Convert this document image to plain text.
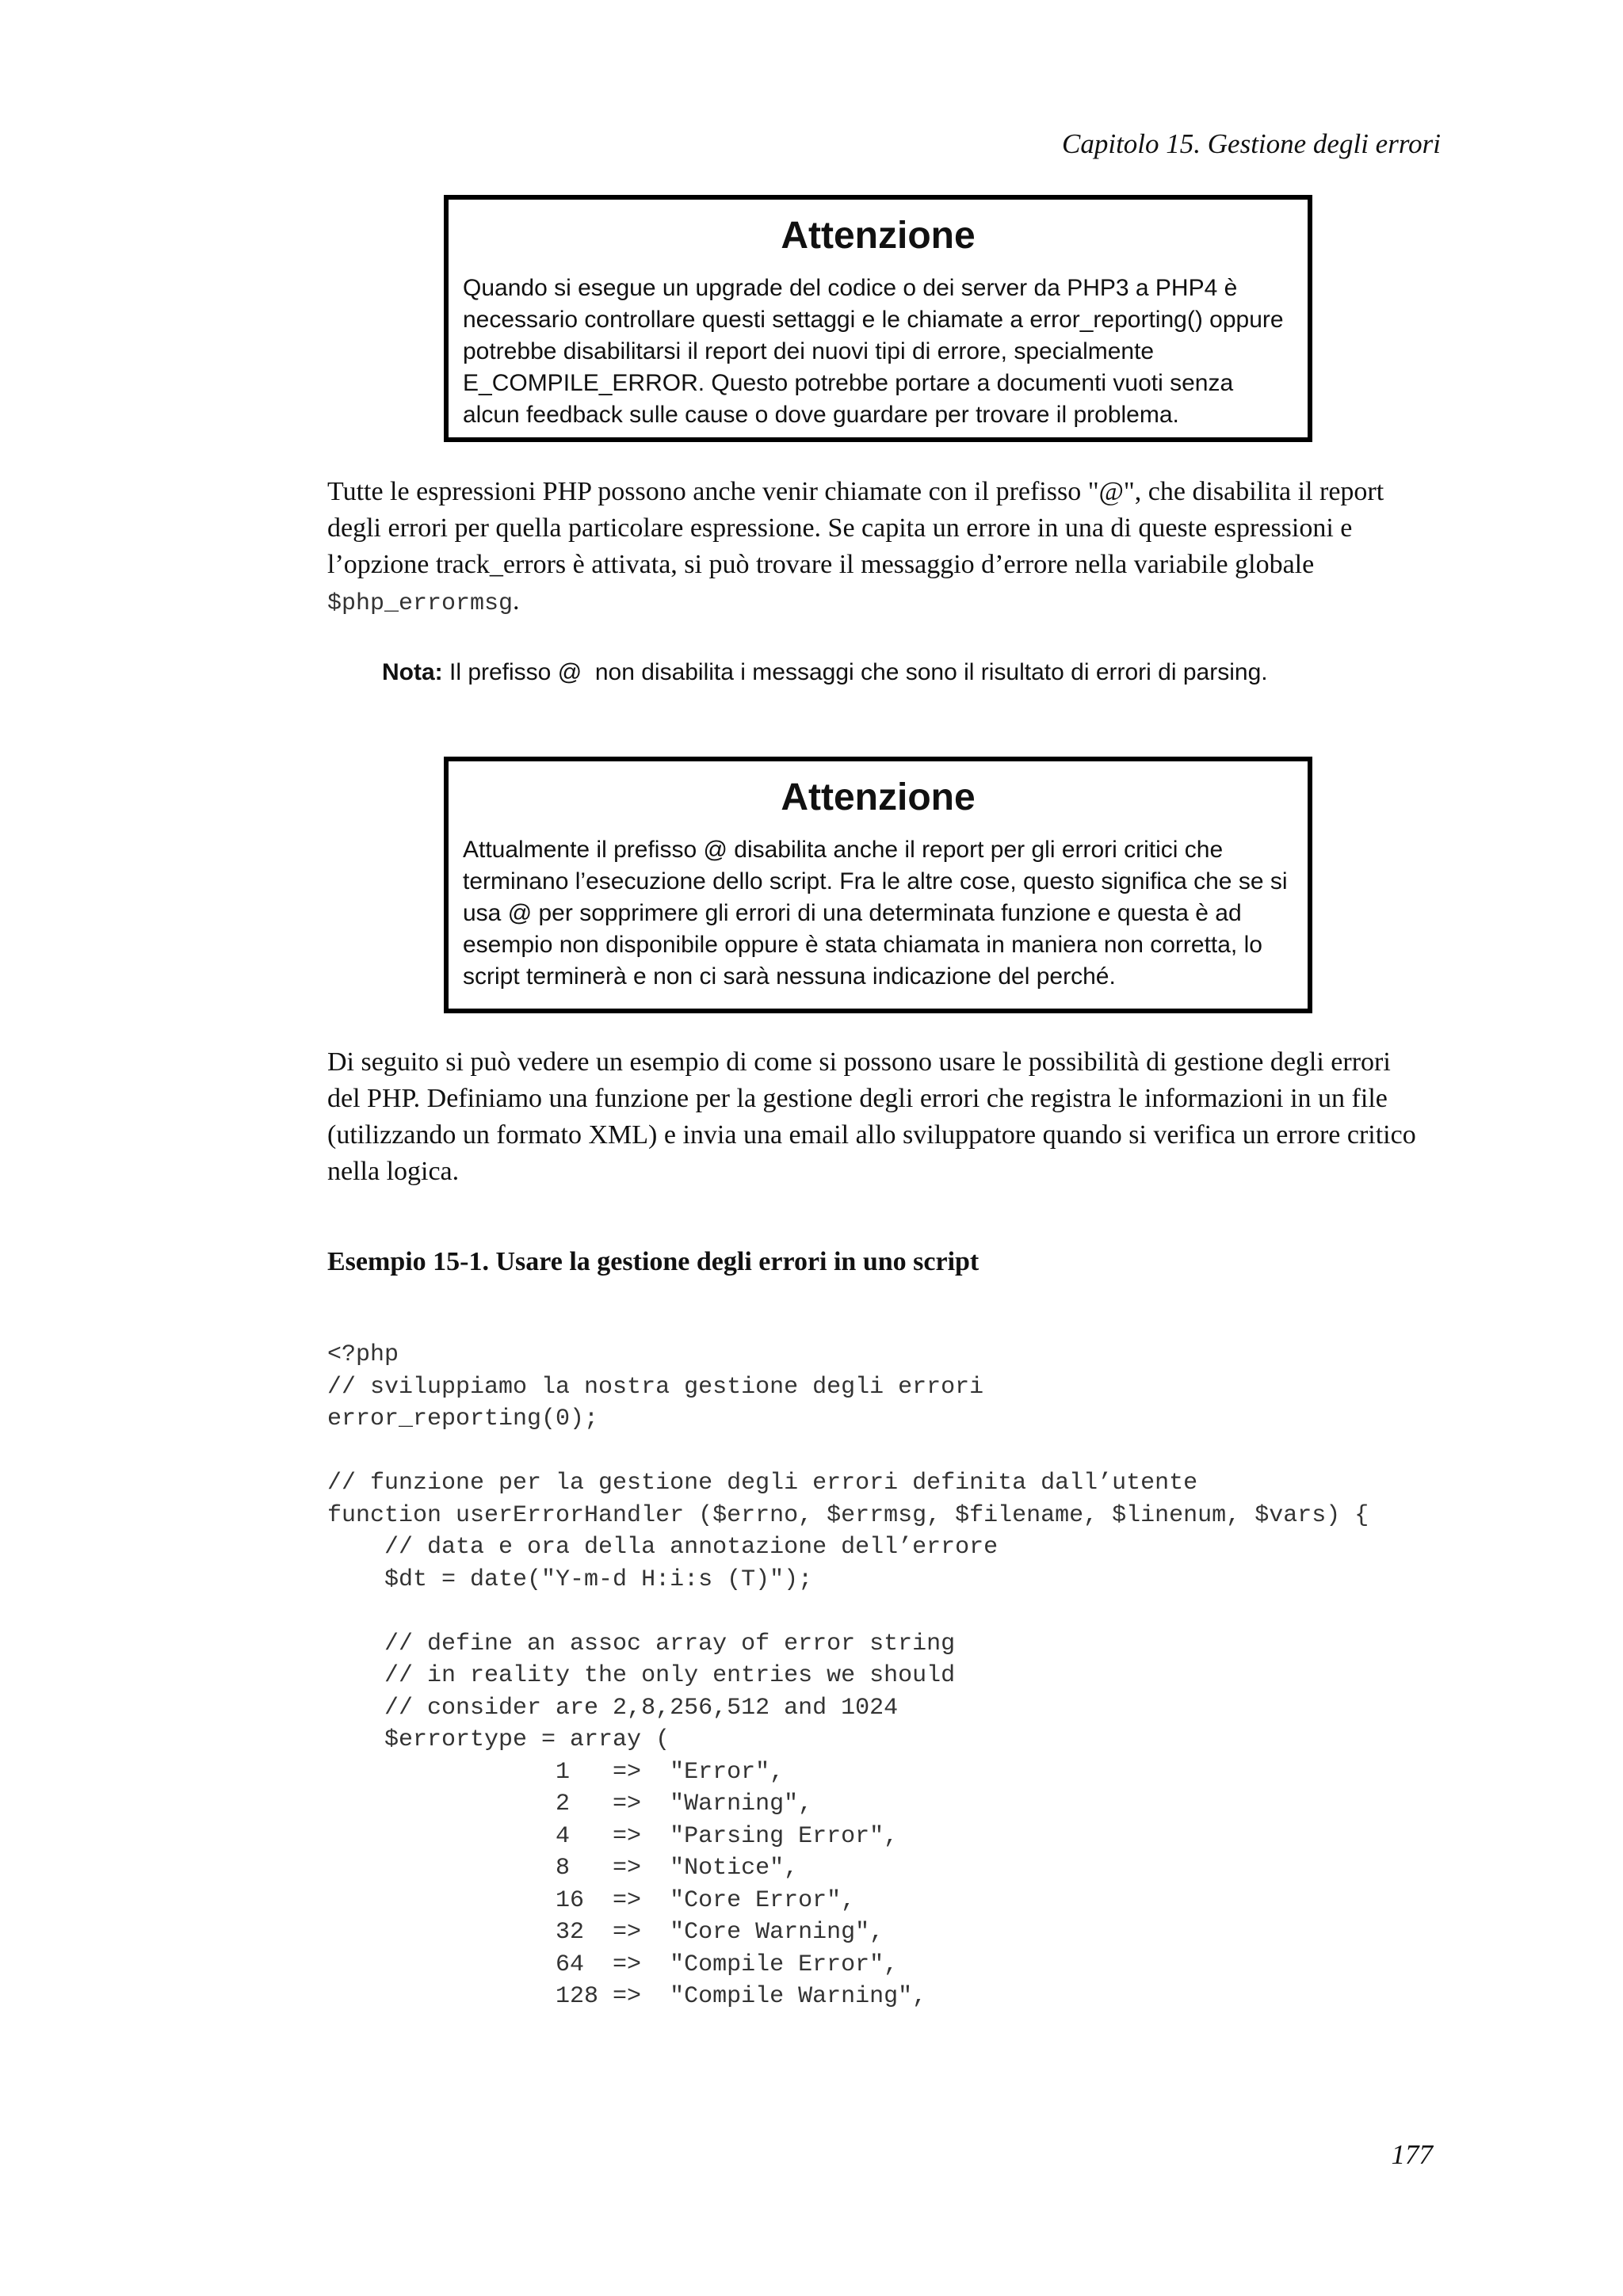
Capitolo 15. Gestione degli errori
Attenzione
Quando si esegue un upgrade del codice o dei server da PHP3 a PHP4 è
necessario controllare questi settaggi e le chiamate a error_reporting() oppure
potrebbe disabilitarsi il report dei nuovi tipi di errore, specialmente
E_COMPILE_ERROR. Questo potrebbe portare a documenti vuoti senza
alcun feedback sulle cause o dove guardare per trovare il problema.
Tutte le espressioni PHP possono anche venir chiamate con il prefisso "@", che disabilita il report
degli errori per quella particolare espressione. Se capita un errore in una di queste espressioni e
l’opzione track_errors è attivata, si può trovare il messaggio d’errore nella variabile globale
$php_errormsg.
Nota: Il prefisso @  non disabilita i messaggi che sono il risultato di errori di parsing.
Attenzione
Attualmente il prefisso @ disabilita anche il report per gli errori critici che
terminano l’esecuzione dello script. Fra le altre cose, questo significa che se si
usa @ per sopprimere gli errori di una determinata funzione e questa è ad
esempio non disponibile oppure è stata chiamata in maniera non corretta, lo
script terminerà e non ci sarà nessuna indicazione del perché.
Di seguito si può vedere un esempio di come si possono usare le possibilità di gestione degli errori
del PHP. Definiamo una funzione per la gestione degli errori che registra le informazioni in un file
(utilizzando un formato XML) e invia una email allo sviluppatore quando si verifica un errore critico
nella logica.
Esempio 15-1. Usare la gestione degli errori in uno script
<?php
// sviluppiamo la nostra gestione degli errori
error_reporting(0);
// funzione per la gestione degli errori definita dall’utente
function userErrorHandler ($errno, $errmsg, $filename, $linenum, $vars) {
// data e ora della annotazione dell’errore
$dt = date("Y-m-d H:i:s (T)");
// define an assoc array of error string
// in reality the only entries we should
// consider are 2,8,256,512 and 1024
$errortype = array (
1   =>  "Error",
2   =>  "Warning",
4   =>  "Parsing Error",
8   =>  "Notice",
16  =>  "Core Error",
32  =>  "Core Warning",
64  =>  "Compile Error",
128 =>  "Compile Warning",
177
